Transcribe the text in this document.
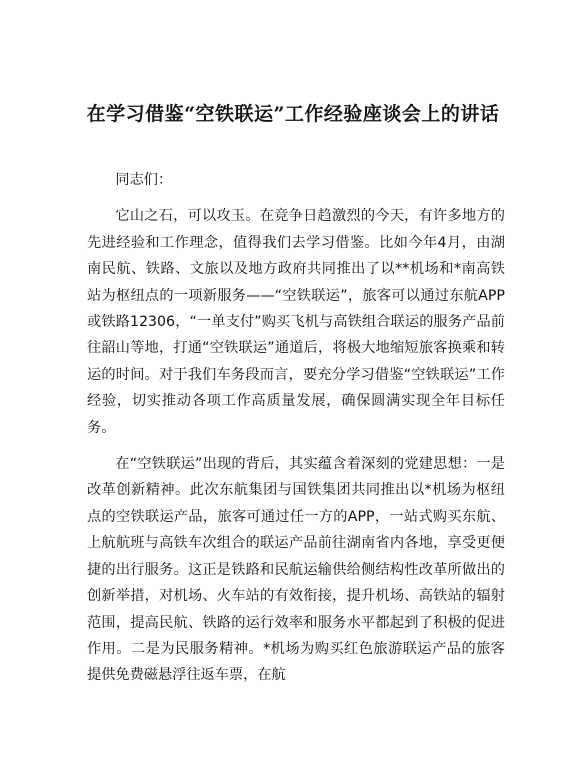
在学习借鉴“空铁联运”工作经验座谈会上的讲话

同志们：

它山之石，可以攻玉。在竞争日趋激烈的今天，有许多地方的先进经验和工作理念，值得我们去学习借鉴。比如今年4月，由湖南民航、铁路、文旅以及地方政府共同推出了以**机场和*南高铁站为枢纽点的一项新服务——“空铁联运”，旅客可以通过东航APP或铁路12306，“一单支付”购买飞机与高铁组合联运的服务产品前往韶山等地，打通“空铁联运”通道后，将极大地缩短旅客换乘和转运的时间。对于我们车务段而言，要充分学习借鉴“空铁联运”工作经验，切实推动各项工作高质量发展，确保圆满实现全年目标任务。

在“空铁联运”出现的背后，其实蕴含着深刻的党建思想：一是改革创新精神。此次东航集团与国铁集团共同推出以*机场为枢纽点的空铁联运产品，旅客可通过任一方的APP，一站式购买东航、上航航班与高铁车次组合的联运产品前往湖南省内各地，享受更便捷的出行服务。这正是铁路和民航运输供给侧结构性改革所做出的创新举措，对机场、火车站的有效衔接，提升机场、高铁站的辐射范围，提高民航、铁路的运行效率和服务水平都起到了积极的促进作用。二是为民服务精神。*机场为购买红色旅游联运产品的旅客提供免费磁悬浮往返车票，在航
